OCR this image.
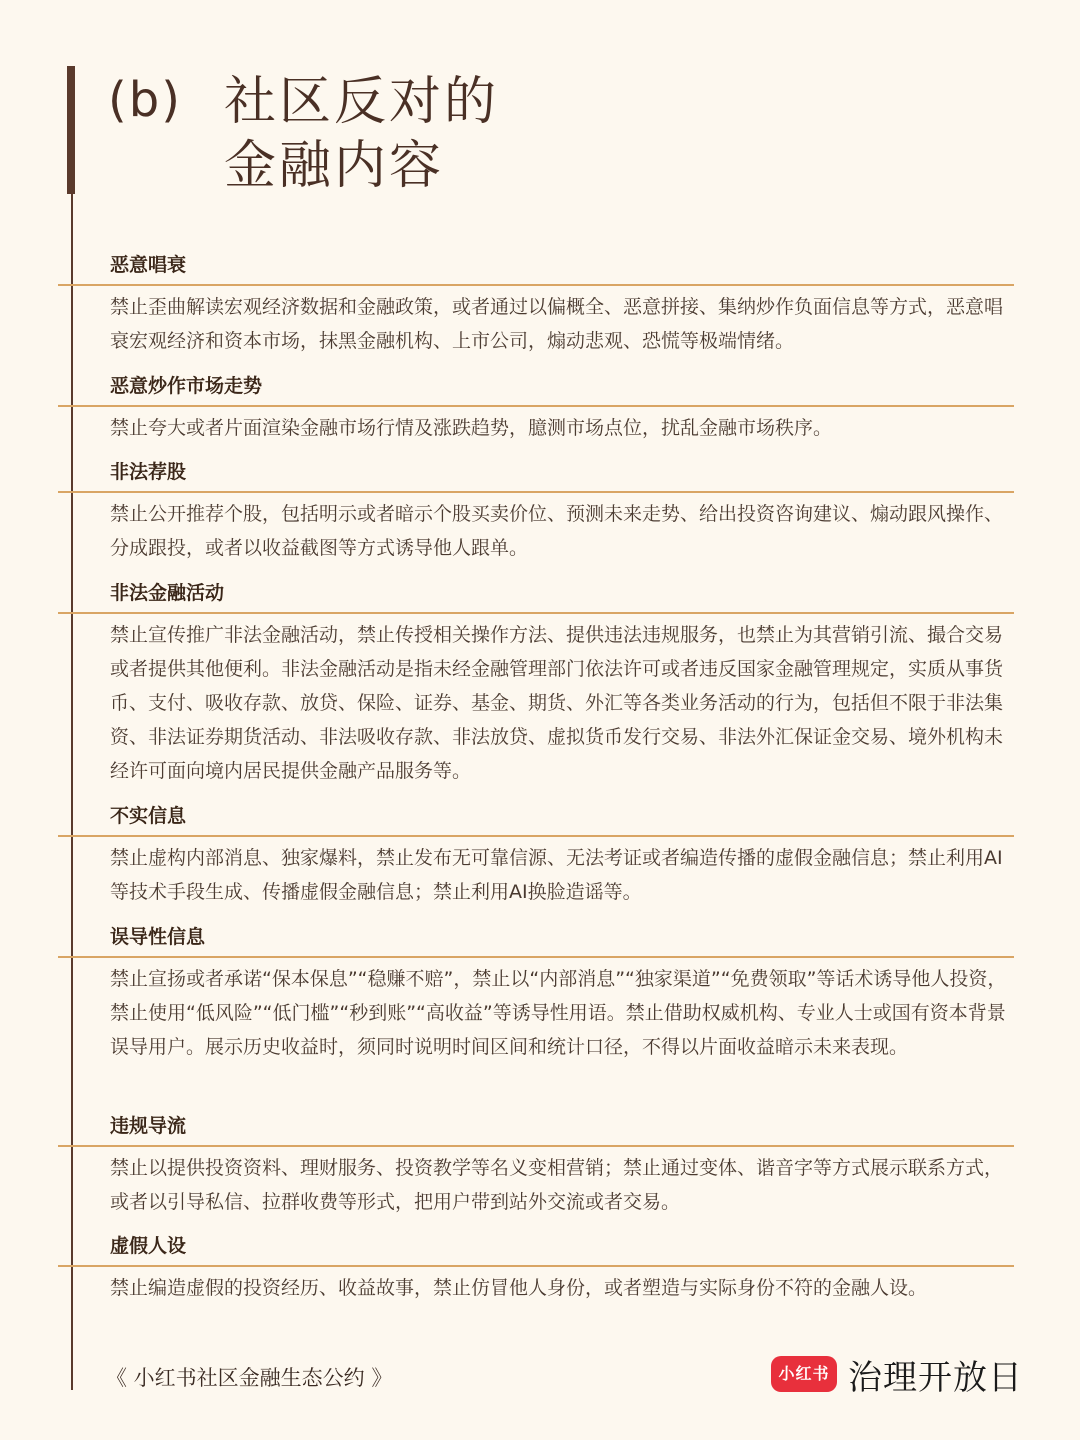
(b) 社区反对的
金融内容
恶意唱衰
禁止歪曲解读宏观经济数据和金融政策，或者通过以偏概全、恶意拼接、集纳炒作负面信息等方式，恶意唱衰宏观经济和资本市场，抹黑金融机构、上市公司，煽动悲观、恐慌等极端情绪。
恶意炒作市场走势
禁止夸大或者片面渲染金融市场行情及涨跌趋势，臆测市场点位，扰乱金融市场秩序。
非法荐股
禁止公开推荐个股，包括明示或者暗示个股买卖价位、预测未来走势、给出投资咨询建议、煽动跟风操作、分成跟投，或者以收益截图等方式诱导他人跟单。
非法金融活动
禁止宣传推广非法金融活动，禁止传授相关操作方法、提供违法违规服务，也禁止为其营销引流、撮合交易或者提供其他便利。非法金融活动是指未经金融管理部门依法许可或者违反国家金融管理规定，实质从事货币、支付、吸收存款、放贷、保险、证券、基金、期货、外汇等各类业务活动的行为，包括但不限于非法集资、非法证券期货活动、非法吸收存款、非法放贷、虚拟货币发行交易、非法外汇保证金交易、境外机构未经许可面向境内居民提供金融产品服务等。
不实信息
禁止虚构内部消息、独家爆料，禁止发布无可靠信源、无法考证或者编造传播的虚假金融信息；禁止利用AI等技术手段生成、传播虚假金融信息；禁止利用AI换脸造谣等。
误导性信息
禁止宣扬或者承诺“保本保息”“稳赚不赔”，禁止以“内部消息”“独家渠道”“免费领取”等话术诱导他人投资，禁止使用“低风险”“低门槛”“秒到账”“高收益”等诱导性用语。禁止借助权威机构、专业人士或国有资本背景误导用户。展示历史收益时，须同时说明时间区间和统计口径，不得以片面收益暗示未来表现。
违规导流
禁止以提供投资资料、理财服务、投资教学等名义变相营销；禁止通过变体、谐音字等方式展示联系方式，或者以引导私信、拉群收费等形式，把用户带到站外交流或者交易。
虚假人设
禁止编造虚假的投资经历、收益故事，禁止仿冒他人身份，或者塑造与实际身份不符的金融人设。
《 小红书社区金融生态公约 》	小红书 治理开放日
